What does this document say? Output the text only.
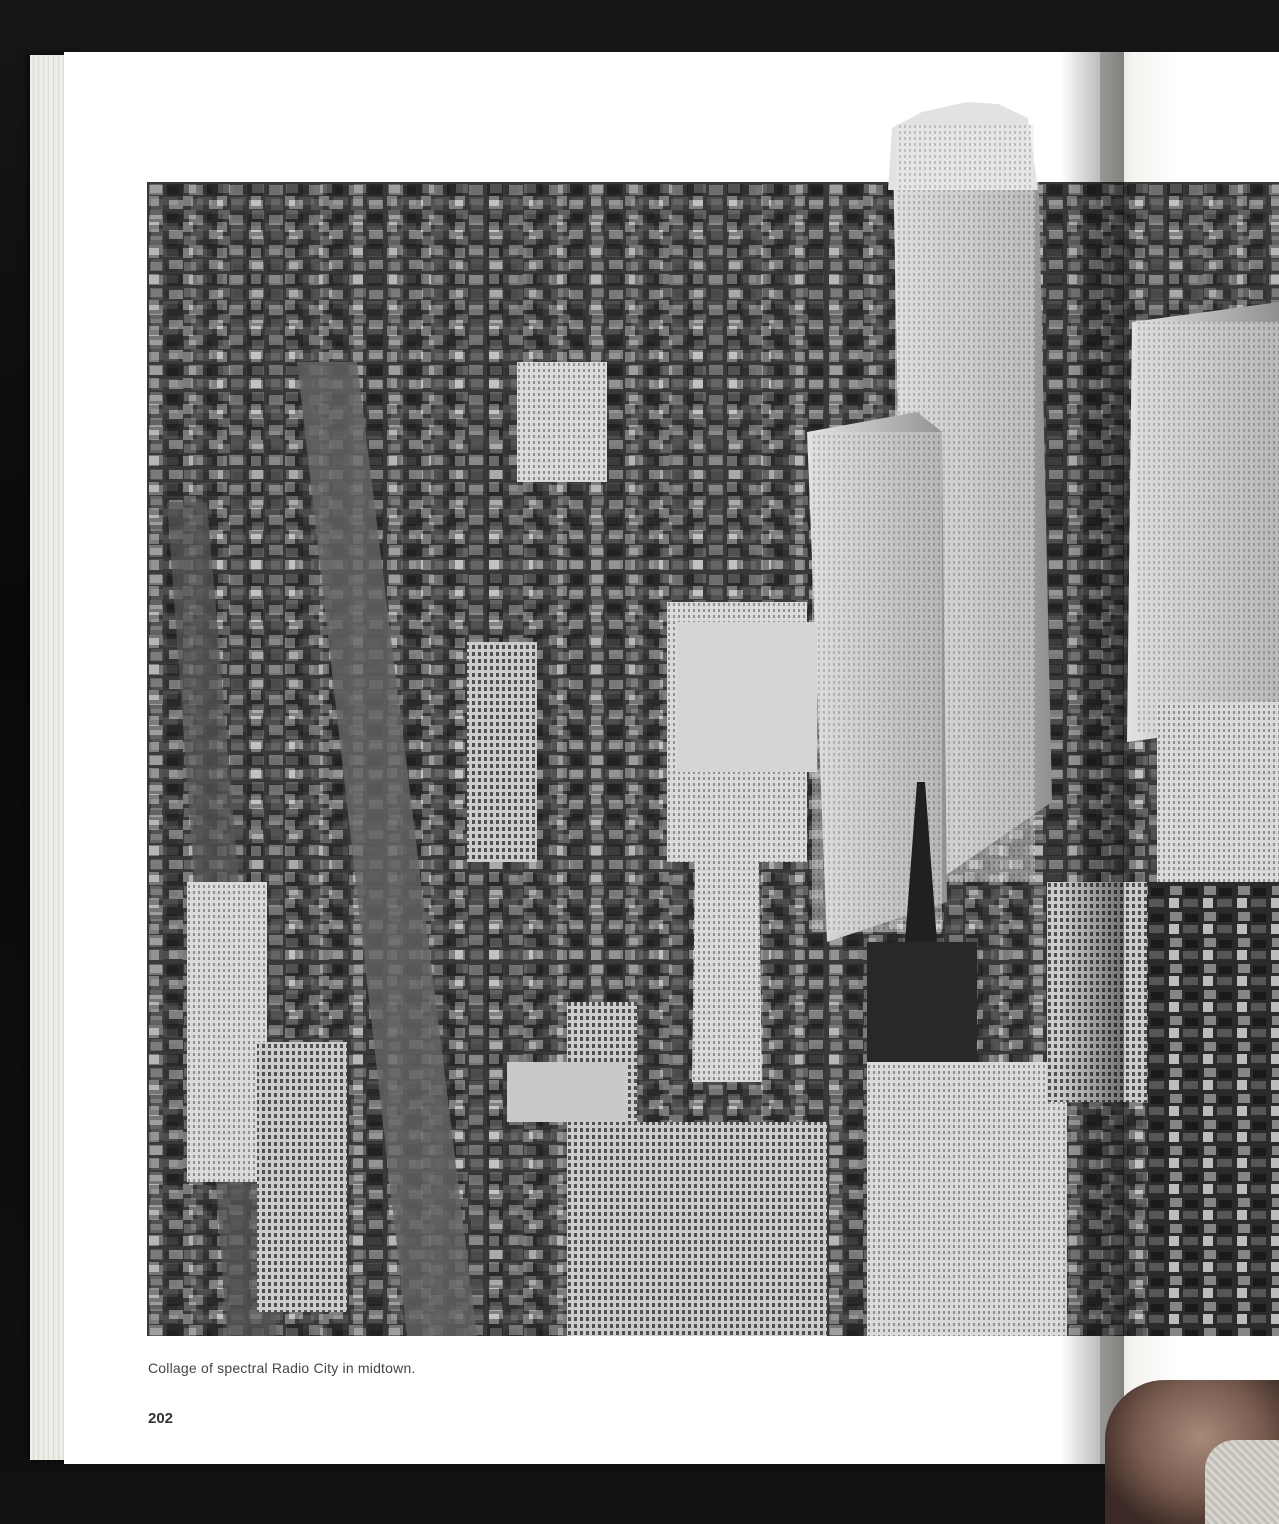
Collage of spectral Radio City in midtown.
202
